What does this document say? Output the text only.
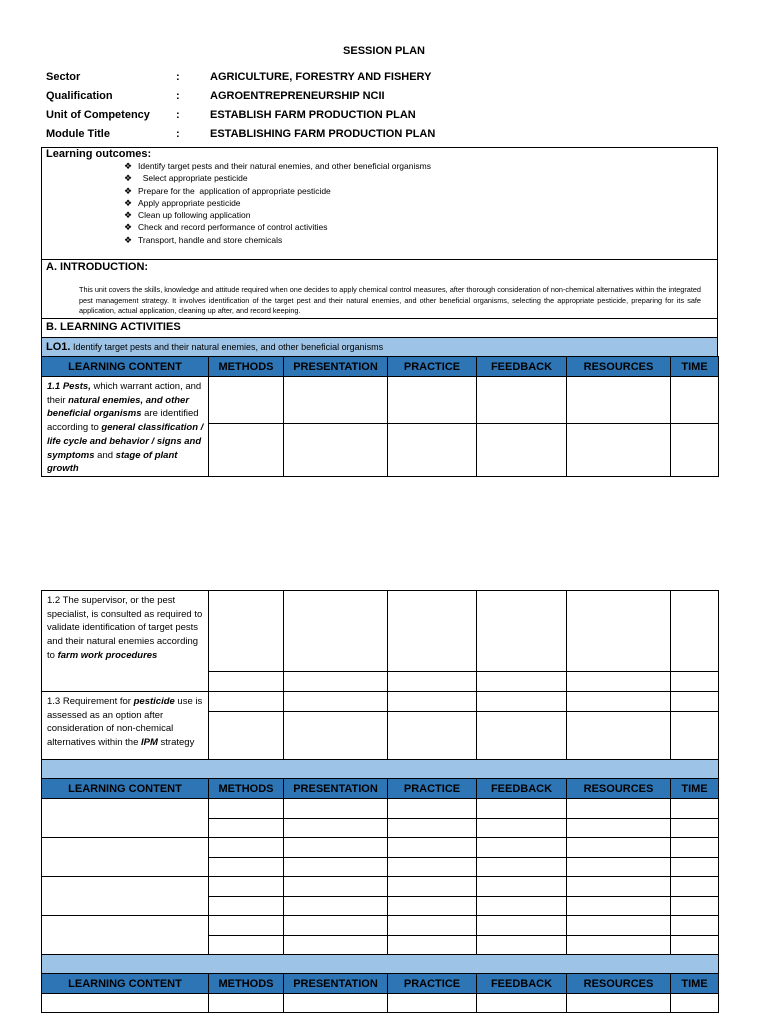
SESSION PLAN
Sector	:	AGRICULTURE, FORESTRY AND FISHERY
Qualification	:	AGROENTREPRENEURSHIP NCII
Unit of Competency :	ESTABLISH FARM PRODUCTION PLAN
Module Title	:	ESTABLISHING FARM PRODUCTION PLAN
Learning outcomes:
❖ Identify target pests and their natural enemies, and other beneficial organisms
❖  Select appropriate pesticide
❖ Prepare for the  application of appropriate pesticide
❖ Apply appropriate pesticide
❖ Clean up following application
❖ Check and record performance of control activities
❖ Transport, handle and store chemicals
A. INTRODUCTION:
This unit covers the skills, knowledge and attitude required when one decides to apply chemical control measures, after thorough consideration of non-chemical alternatives within the integrated pest management strategy. It involves identification of the target pest and their natural enemies, and other beneficial organisms, selecting the appropriate pesticide, preparing for its safe application, actual application, cleaning up after, and record keeping.
B. LEARNING ACTIVITIES
LO1. Identify target pests and their natural enemies, and other beneficial organisms
LEARNING CONTENT	METHODS	PRESENTATION	PRACTICE	FEEDBACK	RESOURCES	TIME
1.1 Pests, which warrant action, and their natural enemies, and other beneficial organisms are identified according to general classification / life cycle and behavior / signs and symptoms and stage of plant growth						

1.2 The supervisor, or the pest specialist, is consulted as required to validate identification of target pests and their natural enemies according to farm work procedures						

1.3 Requirement for pesticide use is assessed as an option after consideration of non-chemical alternatives within the IPM strategy						

LEARNING CONTENT	METHODS	PRESENTATION	PRACTICE	FEEDBACK	RESOURCES	TIME

LEARNING CONTENT	METHODS	PRESENTATION	PRACTICE	FEEDBACK	RESOURCES	TIME
